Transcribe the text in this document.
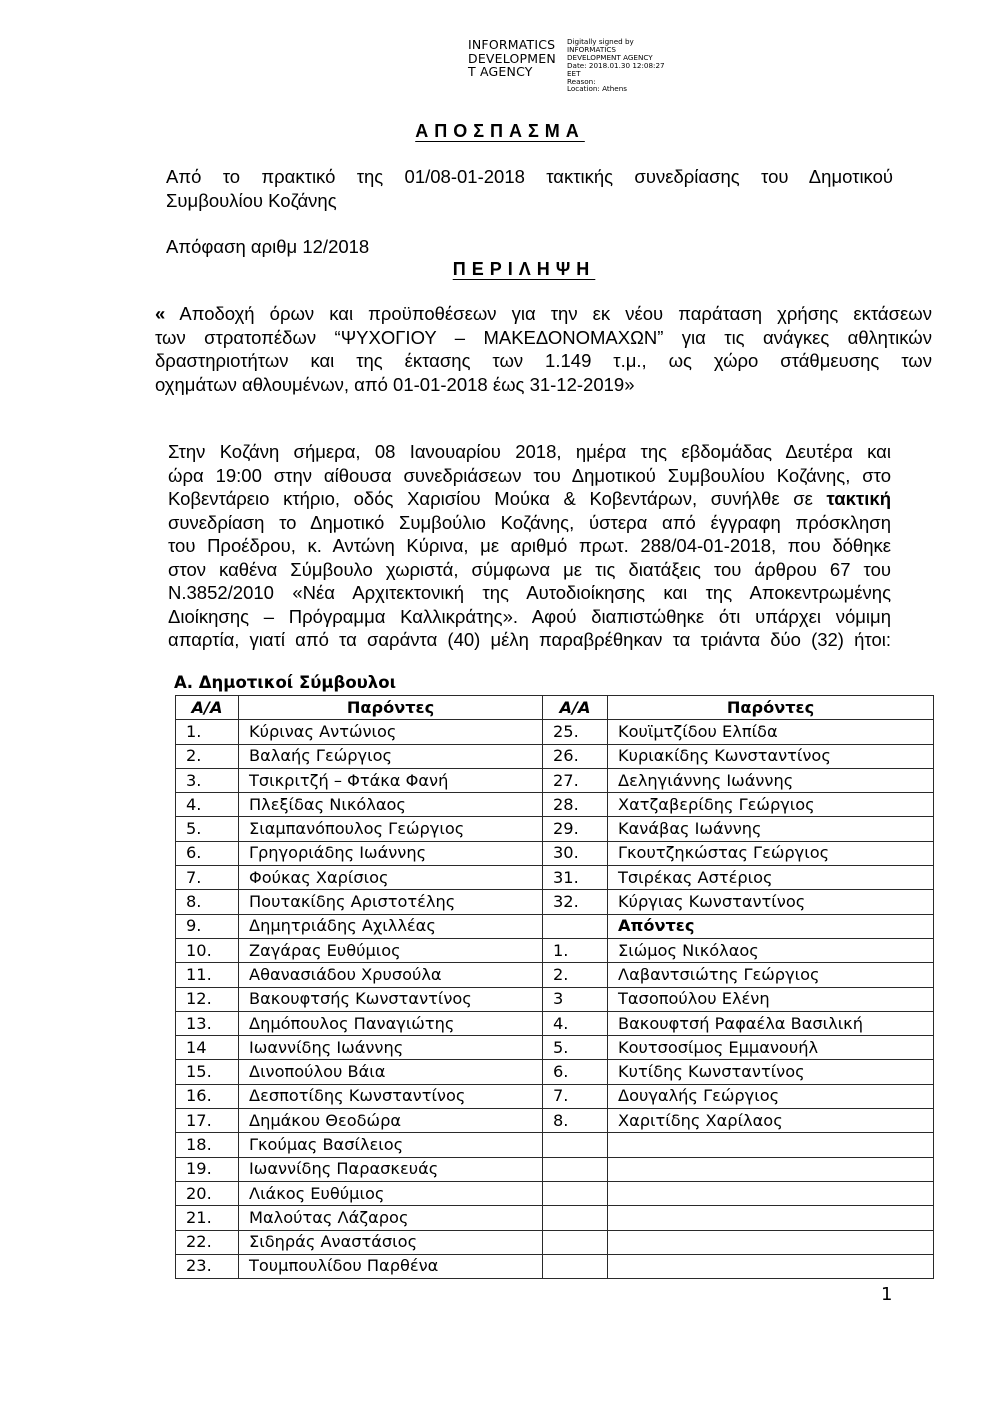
INFORMATICS
DEVELOPMEN
T AGENCY
Digitally signed by
INFORMATICS
DEVELOPMENT AGENCY
Date: 2018.01.30 12:08:27
EET
Reason:
Location: Athens
ΑΠΟΣΠΑΣΜΑ
Από το πρακτικό της 01/08-01-2018 τακτικής συνεδρίασης του Δημοτικού
Συμβουλίου Κοζάνης
Απόφαση αριθμ 12/2018
ΠΕΡΙΛΗΨΗ
« Αποδοχή όρων και προϋποθέσεων για την εκ νέου παράταση χρήσης εκτάσεων
των στρατοπέδων “ΨΥΧΟΓΙΟΥ – ΜΑΚΕΔΟΝΟΜΑΧΩΝ” για τις ανάγκες αθλητικών
δραστηριοτήτων και της έκτασης των 1.149 τ.μ., ως χώρο στάθμευσης των
οχημάτων αθλουμένων, από 01-01-2018 έως 31-12-2019»
Στην Κοζάνη σήμερα, 08 Ιανουαρίου 2018, ημέρα της εβδομάδας Δευτέρα και
ώρα 19:00 στην αίθουσα συνεδριάσεων του Δημοτικού Συμβουλίου Κοζάνης, στο
Κοβεντάρειο κτήριο, οδός Χαρισίου Μούκα & Κοβεντάρων, συνήλθε σε τακτική
συνεδρίαση το Δημοτικό Συμβούλιο Κοζάνης, ύστερα από έγγραφη πρόσκληση
του Προέδρου, κ. Αντώνη Κύρινα, με αριθμό πρωτ. 288/04-01-2018, που δόθηκε
στον καθένα Σύμβουλο χωριστά, σύμφωνα με τις διατάξεις του άρθρου 67 του
Ν.3852/2010 «Νέα Αρχιτεκτονική της Αυτοδιοίκησης και της Αποκεντρωμένης
Διοίκησης – Πρόγραμμα Καλλικράτης». Αφού διαπιστώθηκε ότι υπάρχει νόμιμη
απαρτία, γιατί από τα σαράντα (40) μέλη παραβρέθηκαν τα τριάντα δύο (32) ήτοι:
Α. Δημοτικοί Σύμβουλοι
Α/Α	Παρόντες	Α/Α	Παρόντες
1.	Κύρινας Αντώνιος	25.	Κουϊμτζίδου Ελπίδα
2.	Βαλαής Γεώργιος	26.	Κυριακίδης Κωνσταντίνος
3.	Τσικριτζή – Φτάκα Φανή	27.	Δεληγιάννης Ιωάννης
4.	Πλεξίδας Νικόλαος	28.	Χατζαβερίδης Γεώργιος
5.	Σιαμπανόπουλος Γεώργιος	29.	Κανάβας Ιωάννης
6.	Γρηγοριάδης Ιωάννης	30.	Γκουτζηκώστας Γεώργιος
7.	Φούκας Χαρίσιος	31.	Τσιρέκας Αστέριος
8.	Πουτακίδης Αριστοτέλης	32.	Κύργιας Κωνσταντίνος
9.	Δημητριάδης Αχιλλέας		Απόντες
10.	Ζαγάρας Ευθύμιος	1.	Σιώμος Νικόλαος
11.	Αθανασιάδου Χρυσούλα	2.	Λαβαντσιώτης Γεώργιος
12.	Βακουφτσής Κωνσταντίνος	3	Τασοπούλου Ελένη
13.	Δημόπουλος Παναγιώτης	4.	Βακουφτσή Ραφαέλα Βασιλική
14	Ιωαννίδης Ιωάννης	5.	Κουτσοσίμος Εμμανουήλ
15.	Δινοπούλου Βάια	6.	Κυτίδης Κωνσταντίνος
16.	Δεσποτίδης Κωνσταντίνος	7.	Δουγαλής Γεώργιος
17.	Δημάκου Θεοδώρα	8.	Χαριτίδης Χαρίλαος
18.	Γκούμας Βασίλειος		
19.	Ιωαννίδης Παρασκευάς		
20.	Λιάκος Ευθύμιος		
21.	Μαλούτας Λάζαρος		
22.	Σιδηράς Αναστάσιος		
23.	Τουμπουλίδου Παρθένα		
1
